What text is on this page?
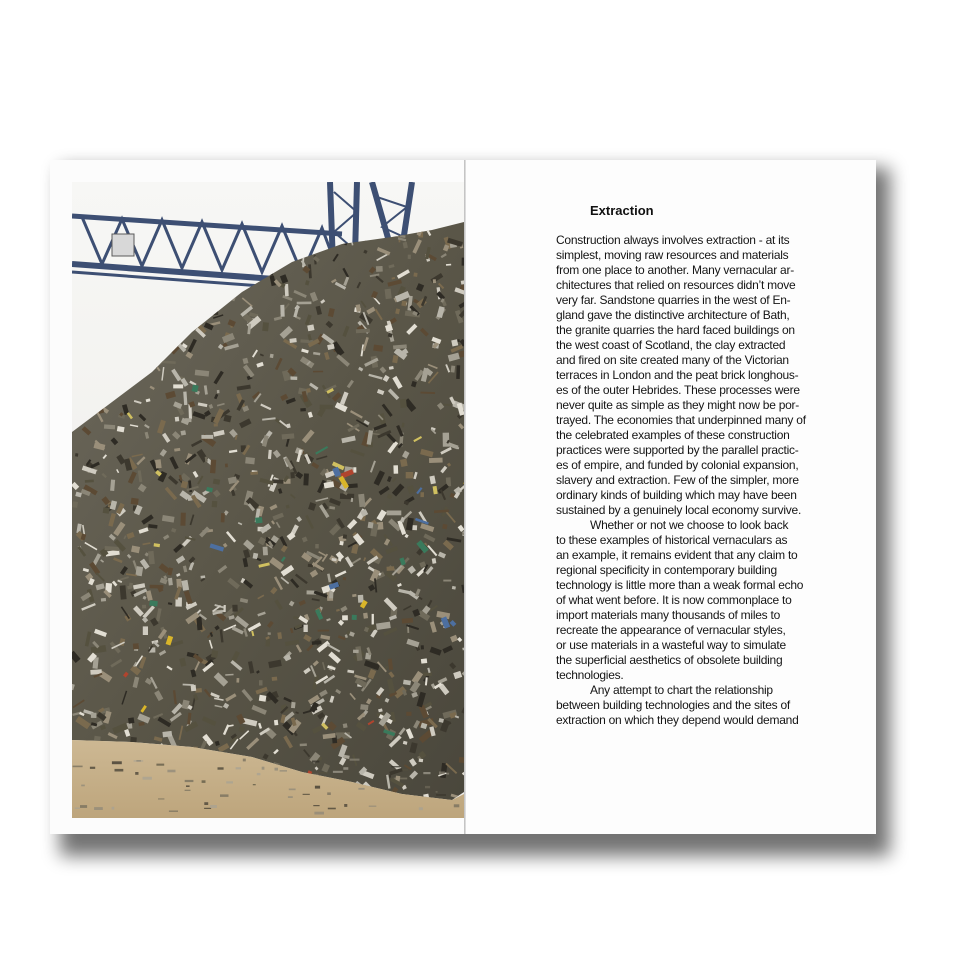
Extraction
Construction always involves extraction - at its
simplest, moving raw resources and materials
from one place to another. Many vernacular ar-
chitectures that relied on resources didn’t move
very far. Sandstone quarries in the west of En-
gland gave the distinctive architecture of Bath,
the granite quarries the hard faced buildings on
the west coast of Scotland, the clay extracted
and fired on site created many of the Victorian
terraces in London and the peat brick longhous-
es of the outer Hebrides. These processes were
never quite as simple as they might now be por-
trayed. The economies that underpinned many of
the celebrated examples of these construction
practices were supported by the parallel practic-
es of empire, and funded by colonial expansion,
slavery and extraction. Few of the simpler, more
ordinary kinds of building which may have been
sustained by a genuinely local economy survive.
Whether or not we choose to look back
to these examples of historical vernaculars as
an example, it remains evident that any claim to
regional specificity in contemporary building
technology is little more than a weak formal echo
of what went before. It is now commonplace to
import materials many thousands of miles to
recreate the appearance of vernacular styles,
or use materials in a wasteful way to simulate
the superficial aesthetics of obsolete building
technologies.
Any attempt to chart the relationship
between building technologies and the sites of
extraction on which they depend would demand
